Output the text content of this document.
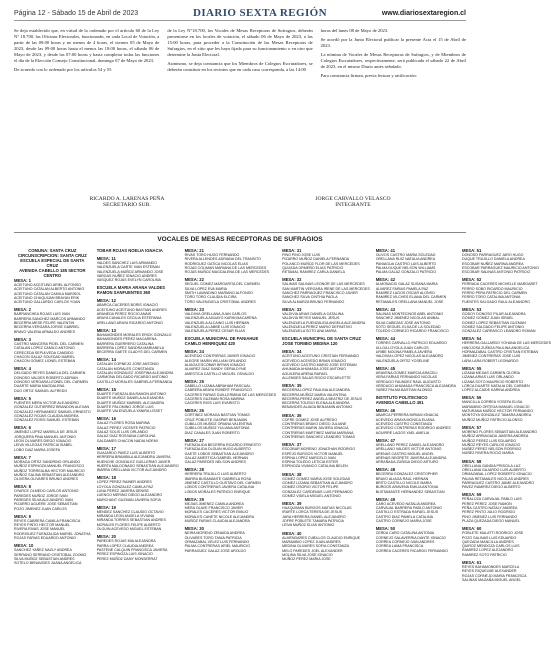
Página 12 - Sábado 15 de Abril de 2023	DIARIO SEXTA REGIÓN	www.diariosextaregion.cl

Se deja establecido que, en virtud de lo ordenado por el artículo 60 de la Ley N° 18.700, las Oficinas Electorales, funcionarán, en cada Local de Votación, a partir de las 09:00 horas y no menos de 4 horas, el viernes 05 de Mayo de 2023, desde las 09:00 horas hasta el menos las 18:00 horas, el sábado 06 de Mayo de 2023, y desde las 07:00 horas y hasta completar todas las funciones el día de la Elección Consejo Constitucional, domingo 07 de Mayo de 2023.

De acuerdo con lo ordenado por los artículos 54 y 55

de la Ley N°18.700, los Vocales de Mesas Receptoras de Sufragios, deberán presentarse en los locales de votación, el sábado 06 de Mayo de 2023, a las 15:00 horas, para proceder a la Constitución de las Mesas Receptoras de Sufragios, en el sitio que les haya fijado para su funcionamiento o en otro que determine la Junta Electoral.

Asimismo, se deja constancia que los Miembros de Colegios Escrutadores, se deberán constituir en los recintos que en cada caso corresponda, a las 14:00

horas del lunes 08 de Mayo de 2023.

Se acordó por la Junta Electoral publicar la presente Acta el 15 de Abril de 2023.

La nómina de Vocales de Mesas Receptoras de Sufragios, y de Miembros de Colegios Escrutadores, respectivamente, será publicada el sábado 22 de Abril de 2023, en el mismo Diario antes señalado.

Para constancia firman, previa lectura y ratificación:

RICARDO A. LARENAS PEÑA
SECRETARIO SUB.
JORGE CARVALLO VELASCO
INTEGRANTE
VOCALES DE MESAS RECEPTORAS DE SUFRAGIOS
COMUNA: SANTA CRUZ
CIRCUNSCRIPCION: SANTA CRUZ
ESCUELA ESPECIAL DE SANTA CRUZ
AVENIDA CABELLO 185 SECTOR CENTRO
MESA: 1
ACEITUNO ACEITUNO ARIEL ALFONSO
ACEITUNO CATALAN ALBERTO ANTONIO
ACEITUNO CATALAN CAMILA MARISOL
ACEITUNO CHUQUIJAN BRAYAN ERIK
ACEITUNO GALLARDO CARLOS YOAN
MESA: 2
BARRANCHEA ROJAS LUIS IVAN
BARRERA SANCHEZ MARCOS ARMANDO
BECERRA MESE FELIPE VALENTIN
BECERRA VERGARA JORGE GABRIEL
BRAVO VALENA ARNALDO ANDRES
MESA: 3
CASTRO MANCERA PIDEL DEL CARMEN
CATALAN LOPEZ CAMILO ANTONIO
CERECEDA SEPULVEDA CANDIDO
CHACON GALAZ SOLEDAD MARIEL
CHACON GOMEZ LIONEL ESTEBAN
MESA: 4
DELGADO REYES DANIELA DEL CARMEN
DONOSO VALDES ROBERTO ADRIAN
DONOSO VERGARA LEONEL DEL CARMEN
DUARTE MARIA MAGDALENA
DUO ORTIZ SAMUEL ALFREDO
MESA: 5
FUENTES MERA VICTOR ALEJANDRO
GONZALEZ GUTIERREZ BRANDON ALEXAN
GONZALEZ HERNANDEZ SAMUEL ERNESTO
GONZALEZ ROJAS CLAUDIA ANDREA
GONZALEZ ROSSI SAMUEL ESTEBAN
MESA: 6
JIMENEZ LOPEZ MARIELA DE JESUS
JORQUERA PINA MANUEL ANTONIO
LEON OLIVARES DIEGO IGNACIO
LEIVA VILLEGAS PATRICIA ISABEL
LOBO DIAZ MARIA JOSEFA
MESA: 7
MORAGA ORTIZ SANDRINO ORLANDO
MUÑOZ ESPINOZA MANUEL FRANCISCO
MUÑOZ TORREALBA HECTOR MAURICIO
MUÑOZ SALINA SEBASTIAN ALEJANDRO
OLIVERA OLIVARES BRUNO ANDRES
MESA: 8
OYARCE OLMEDO CARLOS ANTONIO
PAREDES MUÑOZ JORGE IVAN
PAREDES SILVA ALEJANDRO IVAN
PIZARRO AGUERE JOSE SEBASTIAN
POZO JIMENEZ JUAN CARLOS
MESA: 9
REYES CABRERA CAMILA FRANCISCA
REYES PINTO HECTOR MANUEL
RIVERA RIVAS JOSE MANUEL
RODRIGUEZ FUENZALIDA MARIEL JONATHA
ROJAS FARIAS EDUARDO ANTONIO
MESA: 10
SANCHEZ YAÑEZ NAZLY ANDREA
SERRANO SERRANO CRISTOBAL ZOOMO
SILVA MUÑOZ SEBASTIAN ANDRES
SOTELO BENAVIDES JUANA ANGELICA
TOBAR ROJAS NOELIA IGNACIA
MESA: 11
VALDES SANCHEZ LUIS ARMANDO
VALENZUELA CARTE IVAN ESTEBAN
VALENZUELA MUÑOZ ARMANDO JOSE
VARGAS NUÑEZ IGNACIO ANDRES
VASQUEZ ROJAS EVELYN CAROLINA
ESCUELA MARIA ARANA VALDES
RAMON SANFUENTES 360
MESA: 12
ABARCA CACERES BORIS IGNACIO
ACEITUNO ACEITUNO BASTIAN ANDRES
ARANEDA PEREZ ROCIO ANAIS
ARAYA CANALES CECILIA ESTEFANIA
ARELLANO ARAYA RICARDO ANTONIO
MESA: 13
BAHAMONDES MORALES ERICK GONZALO
BAHAMONDES PEREZ MACARENA
BARRERA GUERRERO CATALINA
BARRERA LOPEZ SANDRA MARIANELA
BECERRA GAETE GLADYS DEL CARMEN
MESA: 14
CATALAN CORNEJO JOSE ANTONIO
CATALAN MORALES CONSTANZA
CATALAN GONZALEZ JOSEFINA ALEJANDRA
CARMONA DELGADO RICARDO ANTONIO
CASTILLO MORALES GABRIELA FERNANDA
MESA: 15
DUARTE FUENZALIDA RAMON ANTONIO
DUARTE MUÑOZ DANIELA ALEJANDRA
DUARTE MUÑOZ MARIBEL ALEJANDRA
DUARTE PALOMINO JORGE LUIS
DUARTE VALENZUELA YANIRA LISSET
MESA: 16
GALAZ FLORES ROSA MARINA
GALAZ PEREZ VICENTE PATRICIO
GALAZ SOLIS LUIS ORLANDO
GALAZ DIAZ ROSSANA CAROLINA
GALDAMES CHACON NADIA NOEMI
MESA: 17
GUAJARDO PAVEZ LUIS ALBERTO
HERRERA BRAMBILA ALEJANDRA JAVIERA
HUENCHE GONZALEZ GUILLERMO JAVIER
HUERTA MALDONADO SEBASTIAN ALEJANDRO
IBARRA ORELLANA VICTOR ALEJANDRO
MESA: 18
LOPEZ PEREZ RAINER ANDRES
LOYOLA GONZALEZ CAMILA PAZ
LUNA PEREZ JAVIERA DENISE
LUENGO MERINO DIEGO ALEJANDRO
MARCHANT GUZMAN JAVIERA SOFIA
MESA: 19
MENDEZ SANCHEZ CLAUDIO OCTAVIO
MIRANDA LEON ANGELA VIVIANA
MIRANDA TORRES SEBASTIAN ANDRES
MORALES FLORES FELIPE ALBERTO
OLGUIN ACEVEDO MIGUEL ESTEBAN
MESA: 20
PAREDES ROJAS MIA ALEJANDRA
PARRA LOPEZ CLAUDIA ANDREA
PASTENE CALQUIN FRANCISCA JAVIERA
PEREZ ESPINOZA LUIS IGNACIO
PEREZ MUÑOZ DANY MONSERRAT
MESA: 21
RIVAS TORO HUGO FERNANDO
RIVERA ALLENDES ADRIANA DEL TRANSITO
RODRIGUEZ GATICA NICOLAS ELIAS
ROJAS COLIMAN MARIANA DE LAS MERCEDES
ROJAS MUÑOZ MAGDALENA DE LAS MERCEDES
MESA: 22
SEGUEL GOMEZ MARGARITA DEL CARMEN
SILVA LOPEZ EVA MARIA
SMITH LAVANDINO MARIANO ALFONSO
TORO TORO CLAUDIA ELCIRA
TORO VALENZUELA CRISTOBAL ANDRES
MESA: 23
VALDIVIA ORELLANA JUAN CARLOS
VALENZUELA AGUAYO KARIN MACARENA
VALENZUELA ALCAINO LUIS HERNAN
VALENZUELA LABBE LUIS IGNACIO
VALENZUELA PEREZ CESAR ELIAS
ESCUELA MUNICIPAL DE PANIAHUE
CAMILO HENRIQUEZ 420
MESA: 24
ACEVEDO CONTRERAS JAVIER IGNACIO
ALEGRE MARIN WILLIAM ORLANDO
ALIAGA ESCOBAR BRYAN IGNACIO
ALVAREZ DIAZ SANDY GERALDYNE
AMESTICA CASTILLO MIGUEL OSVALDO
MESA: 25
CABELLO LIZANA ABRAHAM PASCUAL
CABRERA ARAYA ROBERT FRANCISCO
CACERES FARIAS GUILLERMINA DE LAS MERCEDES
CACERES GUZMAN ROSA MARINA
CACERES RIOS LUIS EVARISTO
MESA: 26
CORTINEZ MORAGA BASTIAN TOMAS
CRUZ POBLETE GASPAR BENJAMIN
CUBILLOS MUÑOZ ORIANA VALENTINA
CUBILLOS MUÑOZ YULIANA ANTONIA
DIAZ CANALES JUAN ROBERTO
MESA: 27
FUENZALIDA BECERRA RICARDO ERNESTO
FUENZALIDA OLGUIN HUGO ALBERTO
GAETE LOBOS SEBASTIAN ALEJANDRO
GALAZ AMESTICA GABRIEL HERNAN
GALAZ PAREDES NELSON ANDRES
MESA: 28
HERRERA TRUJILLO LUIS ALBERTO
IBARRA BUSAMANTE GABRIELA ROSA
JIMENEZ CASTILLO GUSTAVO DEL CARMEN
LOBOS CONTRERAS JAVIERA CATALINA
LOBOS MORALES PATRICIO ENRIQUE
MESA: 29
MEJIAS JIMENEZ CAMILA ANDREA
MERA OLAVE FRANCISCO JAVIER
MORALES CACERES VICTOR EMILIO
MORALES CANETE NICOLE ALEJANDRA
MUÑOZ FARIAS CLAUDIA ALEJANDRA
MESA: 30
NEIRA MORENO ZENAIDA ANDREA
OLIVARES TORO TANIA PATRICIA
ORMAZABAL VELEZ LUIS FERNANDO
PALMA CONTRERAS ARIEL MAURICIO
PARRAGUEZ GALAZ JOSE AROLDO
MESA: 31
PINO PINO JOSE LUIS
PIZARRO MUÑOZ DANIELA FERNANDA
POLANCO MUÑOZ FLOR DE LAS MERCEDES
QUIJADA ORMEÑO ELIAS PATRICIO
RETAMAL RAMIREZ CARLA DANIELA
MESA: 32
SALINAS SALINAS LEONOR DE LAS MERCEDES
SAN MARTIN VERGARA IRENE DE LAS MERCEDES
SANCHEZ PARRAGUEZ FRANCISCO JAVIER
SANCHEZ SILVA CINTHIA PAOLA
SILVA ALMARZA BRUNO FERNANDO
MESA: 33
VALDIVIA ARIAS DANIELA CATALINA
VALDIVIA REYES MANUEL JESUS
VALENZUELA FUENZALIDA ANGELA ALEJANDRA
VALENZUELA PEREZ MARIO DEFINITIVO
VALENZUELA SOTO ANA MARIA
ESCUELA MUNICIPAL DE SANTA CRUZ
JOSE TORIBIO MEDINA 120
MESA: 34
ACEITUNO ACEITUNO CRISTIAN FERNANDO
ACEVEDO ACEVEDO BRIAN IGNACIO
ACEVEDO CASTRO MARIO JOSE ESTEBAN
AHUMADA AHUMADA JOSE ANTONIO
AGUILERA ARENA RAFAEL
ALLENDES SALAS ROCIO ESCARLETTE
MESA: 35
BECERRA LOPEZ PAULINA ALEJANDRA
BECERRA MUÑOZ MARIA VALENTINA
BECERRA PEREZ ANGELA BEATRIZ DE JESUS
BECERRA TOLEDO ELENA ALEJANDRA
BENAVIDES ALIAGA BENJAMIN ANTONIO
MESA: 36
COFRE GOMEZ JOSE ALFREDO
CONTRERAS BRAVO DIEGO JULIANE
CONTRERAS MARIN JAVIERA IGNACIA
CONTRERAS MARTINEZ MARIA MARIANA
CONTRERAS SANCHEZ LEANDRO TOMAS
MESA: 37
ESCOBAR MORENO JONATHAN RODRIGO
ESPEJO BURGOS VICTOR MANUEL
ESPINA LOPEZ MARCELO IVAN
ESPINA TOLEDO LETICIA ESTER
ESPINOZA VIVANCO CATALINA BELEN
MESA: 38
GOMEZ GOMEZ MARIA JOSE SOLEDAD
GOMEZ LIZAMA SEBASTIAN ALEJANDRO
GOMEZ OSORIO VICTOR FELIPE
GONZALEZ CARDENAS LUIS FERNANDO
GOMEZ VIDELA MIGUEL ANTONIO
MESA: 39
HUAQUIMAN BURGOS MATIAS NICOLAS
IRARTE LORCA TERESA DE JESUS
JARA HERRERA DANIEL ALEJANDRO
JOFRE POBLETE TAMARA PATRICIA
LEIVA MUÑOZ ELIAS ANTONIO
MESA: 40
ALMENDARES CUBILLOS CLAUDIO ENRIQUE
MARAMBIO LOPEZ JUAN ANDRES
MEDINA OLIVARES SOFIA CONSTANZA
MELO PAREDES JOEL ALEXANDER
MOLINA SILVA JOSE IGNACIO
MUÑOZ PEREZ MARIA JOSE
MESA: 41
OLIVOS CASTRO MARIA SOLEDAD
ORELLANA RUIZ NATALIA ANDREA
PANIAGUA CASTRO LUIS ALBERTO
PALMA DUQUE NELSON WILLIAMS
PALMA GALAZ GONZALO PATRICIO
MESA: 42
ALMONACID GALAZ SUSANA MARIA
ALVAREZ FARIAS PAMELA PAZ
RAMIREZ LAGOS OSCAR ALONSO
RAMIREZ VILCHES ELIANA DEL CARMEN
RETAMALES ORELLANA MANUEL JOSE
MESA: 43
SALINAS MONTECINOS ABEL ANTONIO
SANCHEZ JIMENEZ NICOLAS ANIBAL
SILVA CABEZAS JOSE ANTONIO
SOTO SEGUEL ELSA DE LA SOLEDAD
TOLEDO CORNEJO RICARDO FRANCISCO
MESA: 44
TORRES CARVALLO PATRICIO EDUARDO
ULLOA LOYOLA JUAN CARLOS
URIBE MOLINA PAMELA JAVIERA
VALDIVIA LOPEZ NICOLAS ALEJANDRO
VALENZUELA ORTIZ YOSELINE
MESA: 45
ARAVENA GOMEZ MARCIA ARACELI
VERA FARIAS FERNANDO NICOLAS
VERDUGO FAUNDEZ RAUL AUGUSTO
VERDUGO AHUMADA FRANCISCA ALEJANDRA
YAÑEZ PALMA BASTIAN ALONSO
INSTITUTO POLITECNICO
AVENIDA CABELLO 451
MESA: 46
ABARCA PERRERA MIRIAM IGNACIA
ACEVEDO ARAYA MONICA ELIANA
ACEVEDO CASTRO CONSTANZA
ACEVEDO CONTRERAS RODRIGO ANDRES
AGUIRRE LAGOS YAEL AMELIA
MESA: 47
ARELLANO PEREZ DANIEL ALEJANDRO
ARELLANO VALDES VICTOR ANTONIO
ARENAS CASTRO MIGUEL ANGEL
ARENAS NEGRETE JAVIERA ALEJANDRA
ARRAÑADA ZUÑIGA DIEGO ARTURO
MESA: 48
BECERRA GONZALEZ CRISTOPHER
BRAVO ALIAGA RAUL HERNAN
BRITO CASTILLO NICOLE MARIA
BURGOS ARAVENA EMILIA ANTONIA
BUSTAMANTE HERNANDEZ SEBASTIAN
MESA: 49
CARO ACEVEDO NATALIA ANDREA
CARVAJAL BARRERA PABLO ANTONIO
CASTILLO ESTRADA RAFAEL JESUS
CASTRO DIAZ PAMELA CATALINA
CASTRO CORNEJO MARIA JOSE
MESA: 50
CERDA CARO CATALINA ANTONIA
CORNEJO SALAVERRIA DANTE IGNACIO
CORREA CORNEJO IVAN ANDRES
CORREA LAMA FRANCISCA
CORREA CACERES RICARDO FERNANDO
MESA: 51
DONOSO PARRAGUEZ JARO HUGO
DUQUE TRUJILLO DANIELA ANDREA
ESCOBAR NUÑEZ MARINA ANDREA
ESCOBAR PARRAGUEZ MAURICIO ANTONIO
ESCOBAR SALINAS ANTONIO PATRICIO
MESA: 52
FERRADA CACERES MICHELLE MARGARET
FERRO SOBO RICARDO MAURICIO
FERRO PERA PATRICIO DEL CARMEN
FERRO TORO CATALINA ANTONIA
FUENTES SALGADO RAUL ALEJANDRO
MESA: 53
GODOY DONOSO PILAR ALEJANDRA
GOMEZ GOMEZ JUAN ISRAEL
GOMEZ LOPEZ SEBASTIAN GUZMAN
GOMEZ SALGADO FELIPE ANTONIO
GONZALEZ CARRASCO LEANDRO ROMAN
MESA: 54
HERRERA GALLARDO YOHANA DE LAS MERCEDES
HINOJOSA ZUÑIGA PAULINA ANGELICA
HORMAZABAL CASTRO CRISTIAN ESTEBAN
JIMENEZ CONTRERAS JOSE LUIS
LARA LARA ROBERT LEONARDO
MESA: 55
LIZAMA MEJIAS CARMEN GLORIA
LIZANA ARIAS LUIS ORLANDO
LIZANA SOTO MAURICIO ROBERTO
LORCA DUARTE NATALIA DEL CARMEN
LOPEZ ALCAIDE KARINA ANDREA
MESA: 56
MANCILLA CORREA YOSEFA ELISA
MARAMBIO ORTEGA MANUEL IGNACIO
MATURANA MUÑOZ HECTOR FERNANDO
MONTOYA GONZALEZ TAMARA ANDREA
MUÑOZ MUÑOZ PATRICIO ALONSO
MESA: 57
MORENO FLORES SEBASTIAN ALEJANDRO
MUÑOZ ARRIAGADA JAVIERA ANDREA
MUÑOZ PEREZ LUIS EDUARDO
MUÑOZ REYES CARLOS IGNACIO
NUÑEZ PEREZ NELSON RODRIGO
NUÑEZ RIVERA ROCIO MARIA
MESA: 58
ORELLANA GANDIA PRISCILA LUZ
ORELLANA GAJARDO LUIS ALBERTO
ORMAZABAL LOPEZ ROBERTO IGNACIO
PALMA RETAMALES NICOLAS ANDRES
PARRAGUEZ CASTRO JAIME ALEJANDRO
PAVEZ RAMIREZ DIEGO ALBERTO
MESA: 59
PEÑALOZA CARVAJAL PABLO LUIS
PEREZ PEREZ JOSE RAMON
PEÑA CASTRO NATALY ANDREA
PEREZ PINTO JULIO RODRIGO
PINO JIMENEZ LUIS FERNANDO
PLAZA QUEZADA DIEGO MANUEL
MESA: 60
POBLETE MULATTI RODRIGO JOSE
POZO SALINAS LUIS EDUARDO
QUEZADA MANCILLA ANDRES
QUIROZ MENDOZA CARLOS LUIS
RAMIREZ LOPEZ ALEJANDRO
RAMIREZ SOTO PATRICIO
MESA: 61
REYES BAHAMONDES MARCELA
REYES RIQUELME ALEXANDER
ROJAS CORNEJO MARIA FRANCISCA
SALINAS MAGAÑA MIGUEL ANGEL
